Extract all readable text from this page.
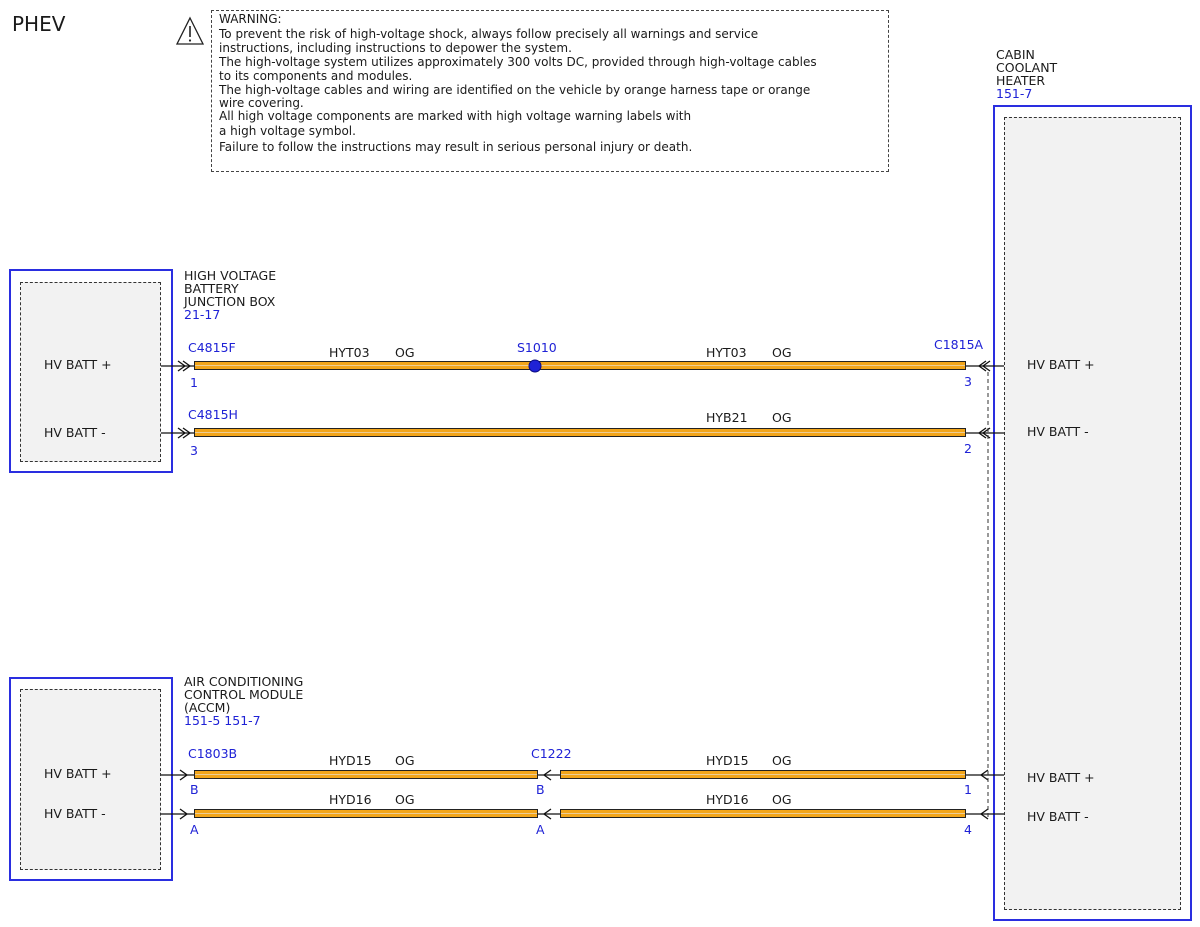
PHEV	WARNING:
To prevent the risk of high-voltage shock, always follow precisely all warnings and service
instructions, including instructions to depower the system.
The high-voltage system utilizes approximately 300 volts DC, provided through high-voltage cables
to its components and modules.
The high-voltage cables and wiring are identified on the vehicle by orange harness tape or orange
wire covering.
All high voltage components are marked with high voltage warning labels with
a high voltage symbol.
Failure to follow the instructions may result in serious personal injury or death.
HV BATT +
HV BATT -
HIGH VOLTAGE
BATTERY
JUNCTION BOX
21-17
HV BATT +
HV BATT -
AIR CONDITIONING
CONTROL MODULE
(ACCM)
151-5 151-7
CABIN
COOLANT
HEATER
151-7
HV BATT +
HV BATT -
HV BATT +
HV BATT -
C4815F
1
C4815H
3
C1815A
3
2
S1010
C1803B
B
A
C1222
B
A
1
4
HYT03 OG	HYT03 OG
HYB21 OG
HYD15 OG	HYD15 OG
HYD16 OG	HYD16 OG
